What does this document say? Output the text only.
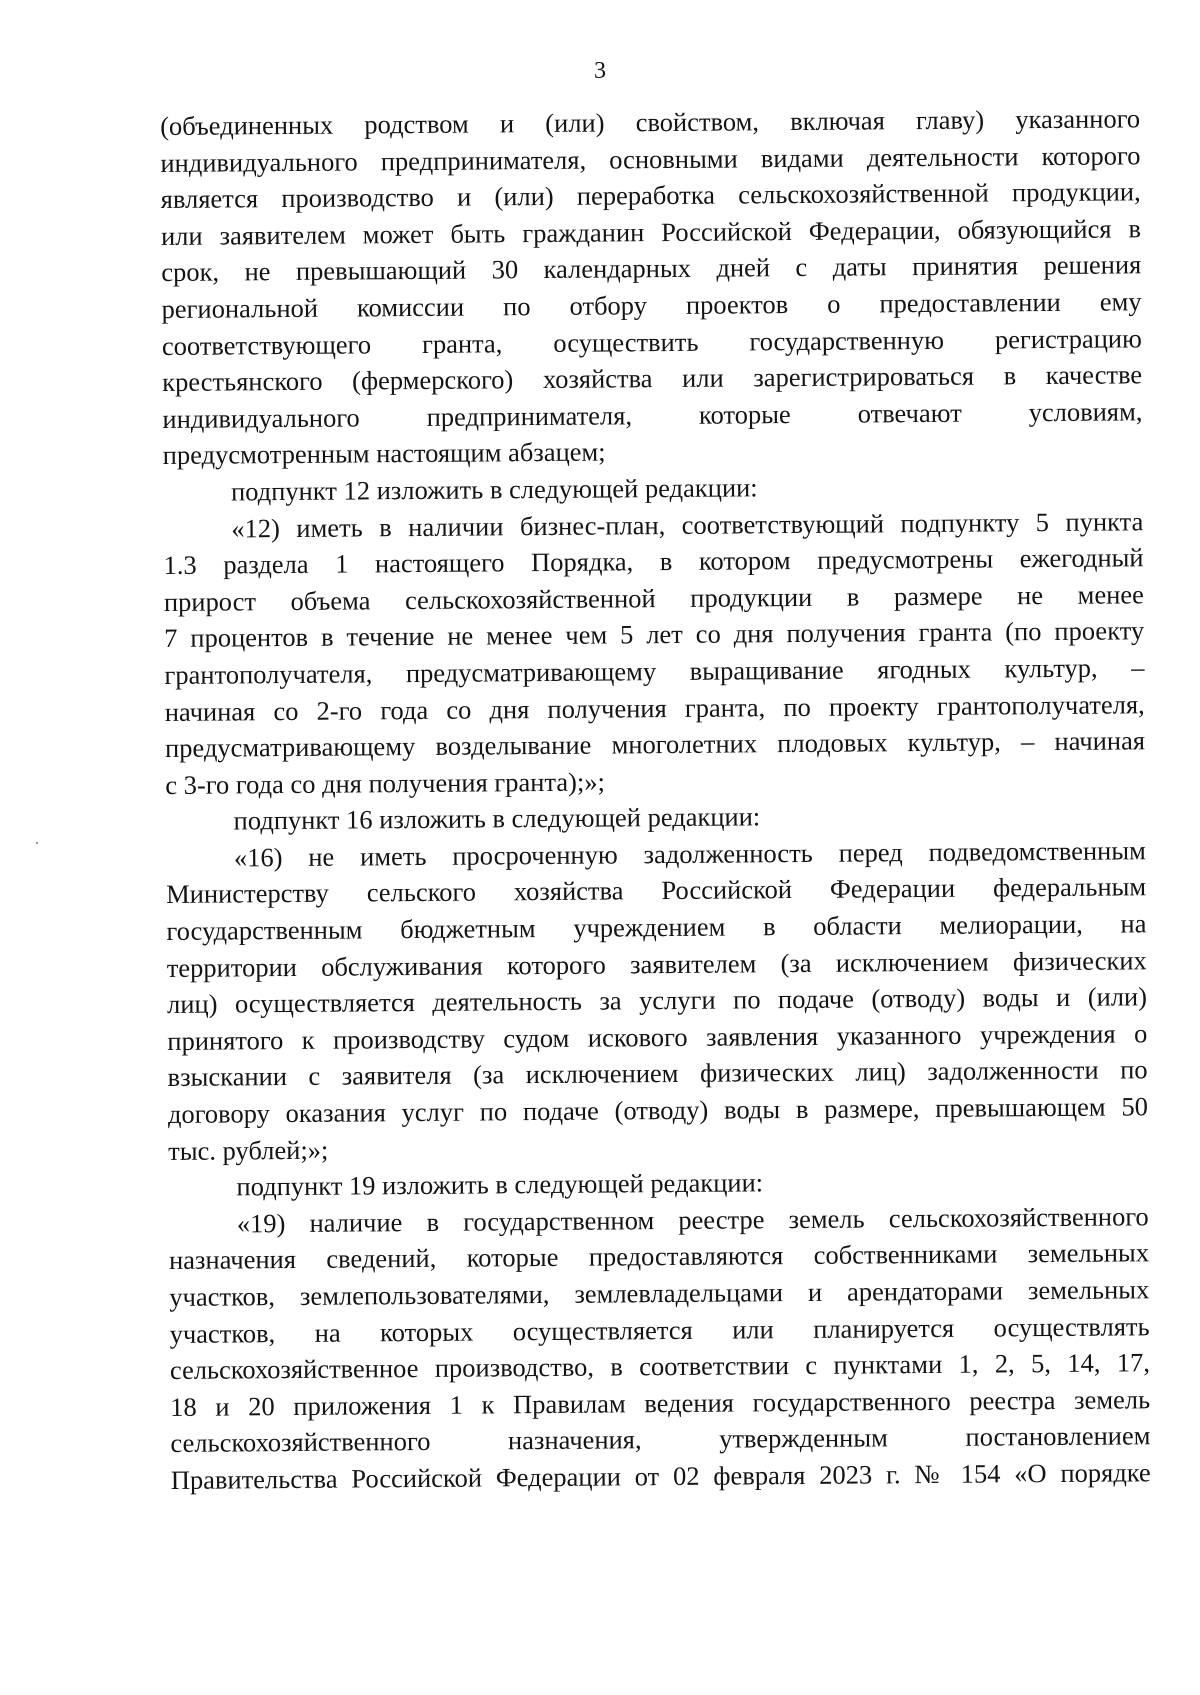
3
(объединенных родством и (или) свойством, включая главу) указанного
индивидуального предпринимателя, основными видами деятельности которого
является производство и (или) переработка сельскохозяйственной продукции,
или заявителем может быть гражданин Российской Федерации, обязующийся в
срок, не превышающий 30 календарных дней с даты принятия решения
региональной комиссии по отбору проектов о предоставлении ему
соответствующего гранта, осуществить государственную регистрацию
крестьянского (фермерского) хозяйства или зарегистрироваться в качестве
индивидуального предпринимателя, которые отвечают условиям,
предусмотренным настоящим абзацем;
подпункт 12 изложить в следующей редакции:
«12) иметь в наличии бизнес-план, соответствующий подпункту 5 пункта
1.3 раздела 1 настоящего Порядка, в котором предусмотрены ежегодный
прирост объема сельскохозяйственной продукции в размере не менее
7 процентов в течение не менее чем 5 лет со дня получения гранта (по проекту
грантополучателя, предусматривающему выращивание ягодных культур, –
начиная со 2-го года со дня получения гранта, по проекту грантополучателя,
предусматривающему возделывание многолетних плодовых культур, – начиная
с 3-го года со дня получения гранта);»;
подпункт 16 изложить в следующей редакции:
«16) не иметь просроченную задолженность перед подведомственным
Министерству сельского хозяйства Российской Федерации федеральным
государственным бюджетным учреждением в области мелиорации, на
территории обслуживания которого заявителем (за исключением физических
лиц) осуществляется деятельность за услуги по подаче (отводу) воды и (или)
принятого к производству судом искового заявления указанного учреждения о
взыскании с заявителя (за исключением физических лиц) задолженности по
договору оказания услуг по подаче (отводу) воды в размере, превышающем 50
тыс. рублей;»;
подпункт 19 изложить в следующей редакции:
«19) наличие в государственном реестре земель сельскохозяйственного
назначения сведений, которые предоставляются собственниками земельных
участков, землепользователями, землевладельцами и арендаторами земельных
участков, на которых осуществляется или планируется осуществлять
сельскохозяйственное производство, в соответствии с пунктами 1, 2, 5, 14, 17,
18 и 20 приложения 1 к Правилам ведения государственного реестра земель
сельскохозяйственного назначения, утвержденным постановлением
Правительства Российской Федерации от 02 февраля 2023 г. № 154 «О порядке
